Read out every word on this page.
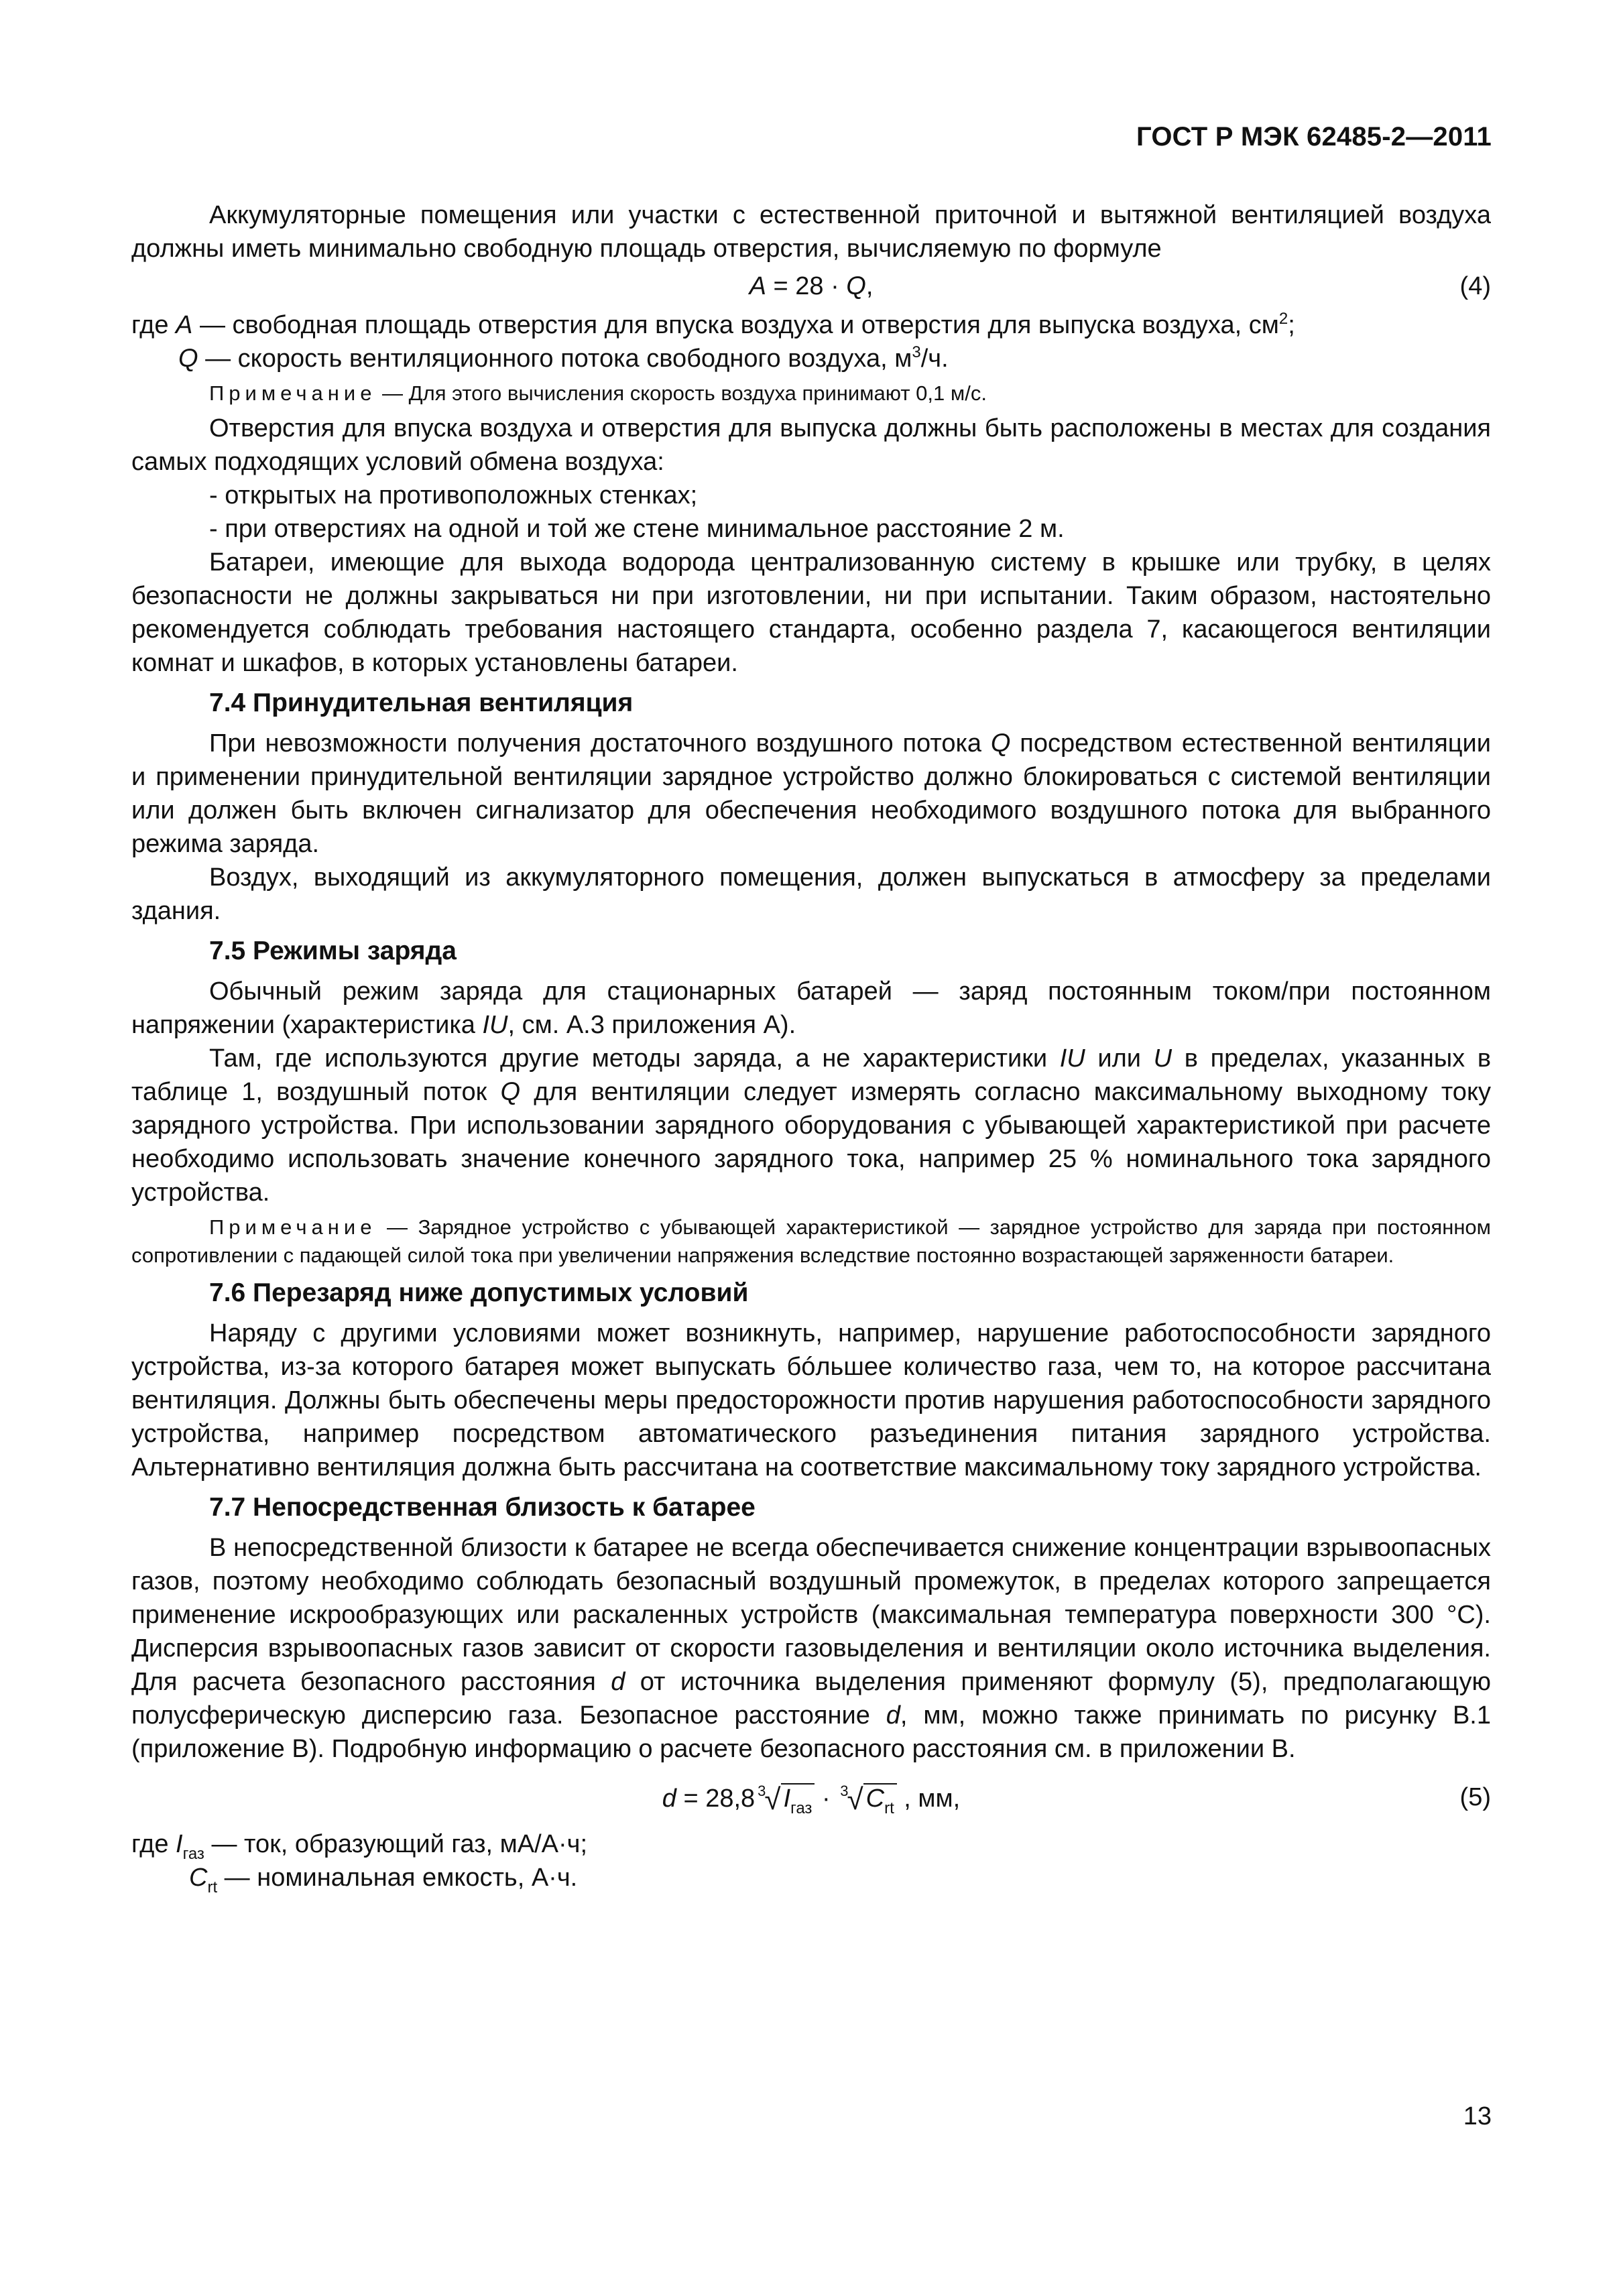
ГОСТ Р МЭК 62485-2—2011

Аккумуляторные помещения или участки с естественной приточной и вытяжной вентиляцией воздуха должны иметь минимально свободную площадь отверстия, вычисляемую по формуле

A = 28 · Q,	(4)
где A — свободная площадь отверстия для впуска воздуха и отверстия для выпуска воздуха, $см^2$;
Q — скорость вентиляционного потока свободного воздуха, $м^3/ч$.

Примечание — Для этого вычисления скорость воздуха принимают 0,1 м/с.

Отверстия для впуска воздуха и отверстия для выпуска должны быть расположены в местах для создания самых подходящих условий обмена воздуха:

- открытых на противоположных стенках;

- при отверстиях на одной и той же стене минимальное расстояние 2 м.

Батареи, имеющие для выхода водорода централизованную систему в крышке или трубку, в целях безопасности не должны закрываться ни при изготовлении, ни при испытании. Таким образом, настоятельно рекомендуется соблюдать требования настоящего стандарта, особенно раздела 7, касающегося вентиляции комнат и шкафов, в которых установлены батареи.

7.4 Принудительная вентиляция

При невозможности получения достаточного воздушного потока Q посредством естественной вентиляции и применении принудительной вентиляции зарядное устройство должно блокироваться с системой вентиляции или должен быть включен сигнализатор для обеспечения необходимого воздушного потока для выбранного режима заряда.

Воздух, выходящий из аккумуляторного помещения, должен выпускаться в атмосферу за пределами здания.

7.5 Режимы заряда

Обычный режим заряда для стационарных батарей — заряд постоянным током/при постоянном напряжении (характеристика IU, см. А.3 приложения А).

Там, где используются другие методы заряда, а не характеристики IU или U в пределах, указанных в таблице 1, воздушный поток Q для вентиляции следует измерять согласно максимальному выходному току зарядного устройства. При использовании зарядного оборудования с убывающей характеристикой при расчете необходимо использовать значение конечного зарядного тока, например 25 % номинального тока зарядного устройства.

Примечание — Зарядное устройство с убывающей характеристикой — зарядное устройство для заряда при постоянном сопротивлении с падающей силой тока при увеличении напряжения вследствие постоянно возрастающей заряженности батареи.

7.6 Перезаряд ниже допустимых условий

Наряду с другими условиями может возникнуть, например, нарушение работоспособности зарядного устройства, из-за которого батарея может выпускать бóльшее количество газа, чем то, на которое рассчитана вентиляция. Должны быть обеспечены меры предосторожности против нарушения работоспособности зарядного устройства, например посредством автоматического разъединения питания зарядного устройства. Альтернативно вентиляция должна быть рассчитана на соответствие максимальному току зарядного устройства.

7.7 Непосредственная близость к батарее

В непосредственной близости к батарее не всегда обеспечивается снижение концентрации взрывоопасных газов, поэтому необходимо соблюдать безопасный воздушный промежуток, в пределах которого запрещается применение искрообразующих или раскаленных устройств (максимальная температура поверхности 300 °С). Дисперсия взрывоопасных газов зависит от скорости газовыделения и вентиляции около источника выделения. Для расчета безопасного расстояния d от источника выделения применяют формулу (5), предполагающую полусферическую дисперсию газа. Безопасное расстояние d, мм, можно также принимать по рисунку В.1 (приложение В). Подробную информацию о расчете безопасного расстояния см. в приложении В.

d = 28,8 $^3$√ $I_{газ} \cdot ^3√$ $C_{rt}$ , мм,	(5)
где $I_{газ}$ — ток, образующий газ, мА/А·ч;
$C_{rt}$ — номинальная емкость, А·ч.
13
